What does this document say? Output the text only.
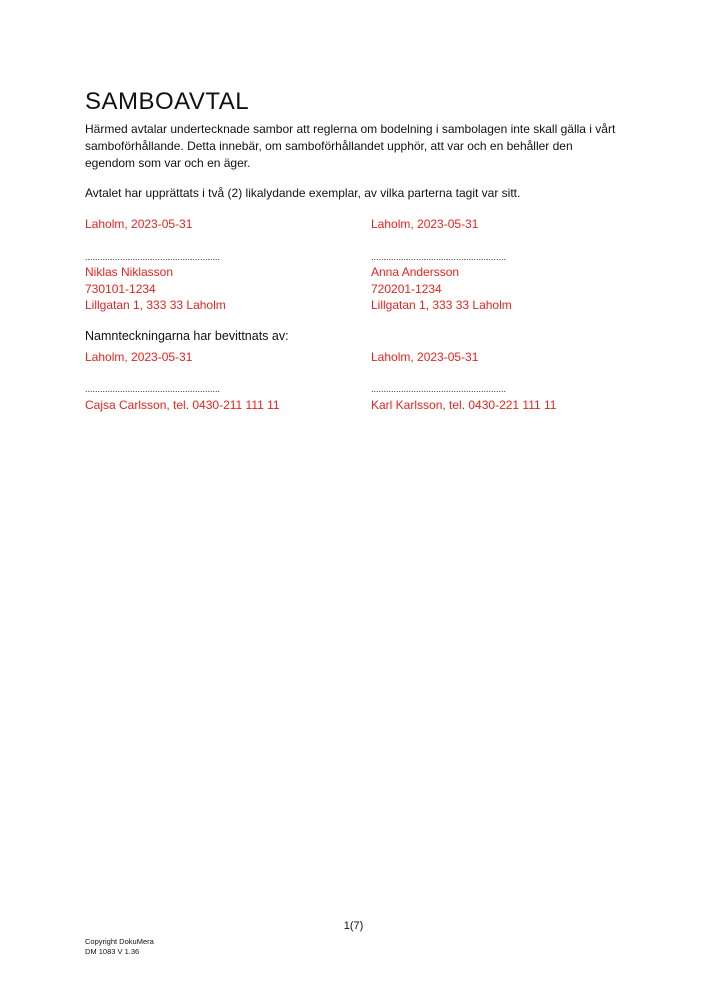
SAMBOAVTAL
Härmed avtalar undertecknade sambor att reglerna om bodelning i sambolagen inte skall gälla i vårt samboförhållande. Detta innebär, om samboförhållandet upphör, att var och en behåller den egendom som var och en äger.
Avtalet har upprättats i två (2) likalydande exemplar, av vilka parterna tagit var sitt.
Laholm, 2023-05-31
......................................................
Niklas Niklasson
730101-1234
Lillgatan 1, 333 33 Laholm
Laholm, 2023-05-31
......................................................
Anna Andersson
720201-1234
Lillgatan 1, 333 33 Laholm
Namnteckningarna har bevittnats av:
Laholm, 2023-05-31
......................................................
Cajsa Carlsson, tel. 0430-211 111 11
Laholm, 2023-05-31
......................................................
Karl Karlsson, tel. 0430-221 111 11
1(7)
Copyright DokuMera
DM 1083 V 1.36
